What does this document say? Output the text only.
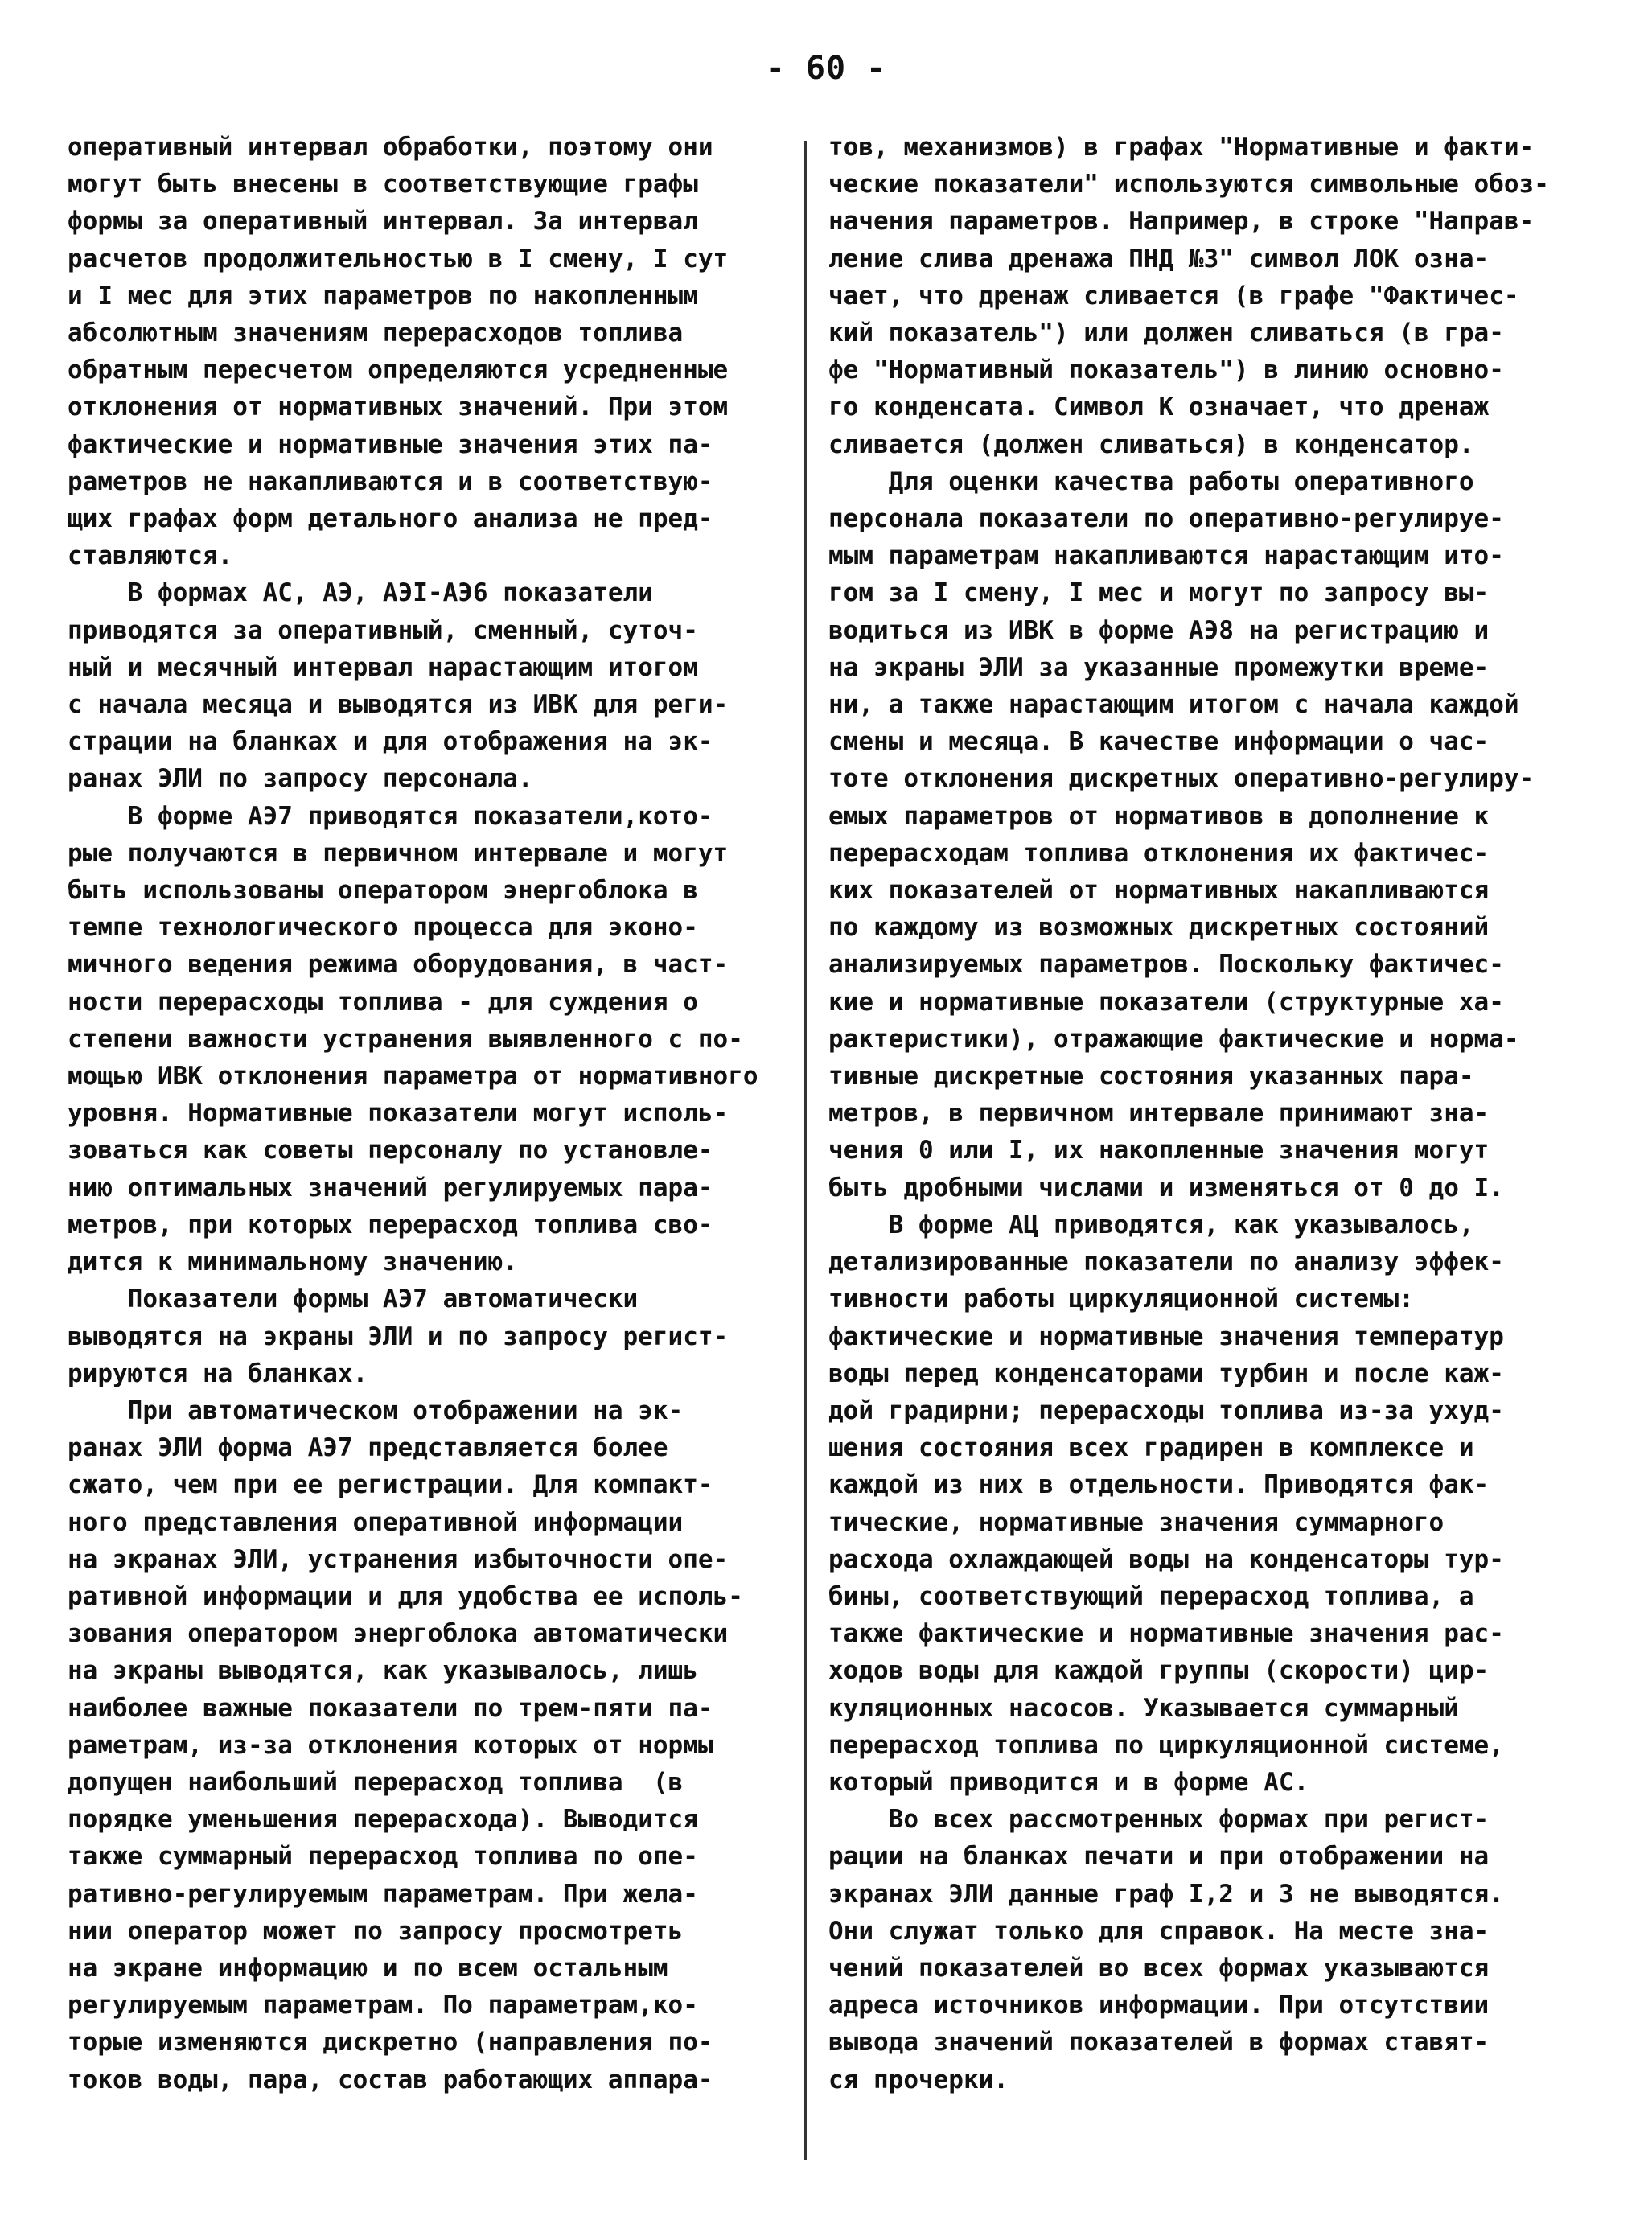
- 60 -

оперативный интервал обработки, поэтому они
могут быть внесены в соответствующие графы
формы за оперативный интервал. За интервал
расчетов продолжительностью в I смену, I сут
и I мес для этих параметров по накопленным
абсолютным значениям перерасходов топлива
обратным пересчетом определяются усредненные
отклонения от нормативных значений. При этом
фактические и нормативные значения этих па-
раметров не накапливаются и в соответствую-
щих графах форм детального анализа не пред-
ставляются.

В формах АС, АЭ, АЭI-АЭ6 показатели
приводятся за оперативный, сменный, суточ-
ный и месячный интервал нарастающим итогом
с начала месяца и выводятся из ИВК для реги-
страции на бланках и для отображения на эк-
ранах ЭЛИ по запросу персонала.

В форме АЭ7 приводятся показатели,кото-
рые получаются в первичном интервале и могут
быть использованы оператором энергоблока в
темпе технологического процесса для эконо-
мичного ведения режима оборудования, в част-
ности перерасходы топлива - для суждения о
степени важности устранения выявленного с по-
мощью ИВК отклонения параметра от нормативного
уровня. Нормативные показатели могут исполь-
зоваться как советы персоналу по установле-
нию оптимальных значений регулируемых пара-
метров, при которых перерасход топлива сво-
дится к минимальному значению.

Показатели формы АЭ7 автоматически
выводятся на экраны ЭЛИ и по запросу регист-
рируются на бланках.

При автоматическом отображении на эк-
ранах ЭЛИ форма АЭ7 представляется более
сжато, чем при ее регистрации. Для компакт-
ного представления оперативной информации
на экранах ЭЛИ, устранения избыточности опе-
ративной информации и для удобства ее исполь-
зования оператором энергоблока автоматически
на экраны выводятся, как указывалось, лишь
наиболее важные показатели по трем-пяти па-
раметрам, из-за отклонения которых от нормы
допущен наибольший перерасход топлива  (в
порядке уменьшения перерасхода). Выводится
также суммарный перерасход топлива по опе-
ративно-регулируемым параметрам. При жела-
нии оператор может по запросу просмотреть
на экране информацию и по всем остальным
регулируемым параметрам. По параметрам,ко-
торые изменяются дискретно (направления по-
токов воды, пара, состав работающих аппара-

тов, механизмов) в графах "Нормативные и факти-
ческие показатели" используются символьные обоз-
начения параметров. Например, в строке "Направ-
ление слива дренажа ПНД №3" символ ЛОК озна-
чает, что дренаж сливается (в графе "Фактичес-
кий показатель") или должен сливаться (в гра-
фе "Нормативный показатель") в линию основно-
го конденсата. Символ К означает, что дренаж
сливается (должен сливаться) в конденсатор.

Для оценки качества работы оперативного
персонала показатели по оперативно-регулируе-
мым параметрам накапливаются нарастающим ито-
гом за I смену, I мес и могут по запросу вы-
водиться из ИВК в форме АЭ8 на регистрацию и
на экраны ЭЛИ за указанные промежутки време-
ни, а также нарастающим итогом с начала каждой
смены и месяца. В качестве информации о час-
тоте отклонения дискретных оперативно-регулиру-
емых параметров от нормативов в дополнение к
перерасходам топлива отклонения их фактичес-
ких показателей от нормативных накапливаются
по каждому из возможных дискретных состояний
анализируемых параметров. Поскольку фактичес-
кие и нормативные показатели (структурные ха-
рактеристики), отражающие фактические и норма-
тивные дискретные состояния указанных пара-
метров, в первичном интервале принимают зна-
чения 0 или I, их накопленные значения могут
быть дробными числами и изменяться от 0 до I.

В форме АЦ приводятся, как указывалось,
детализированные показатели по анализу эффек-
тивности работы циркуляционной системы:
фактические и нормативные значения температур
воды перед конденсаторами турбин и после каж-
дой градирни; перерасходы топлива из-за ухуд-
шения состояния всех градирен в комплексе и
каждой из них в отдельности. Приводятся фак-
тические, нормативные значения суммарного
расхода охлаждающей воды на конденсаторы тур-
бины, соответствующий перерасход топлива, а
также фактические и нормативные значения рас-
ходов воды для каждой группы (скорости) цир-
куляционных насосов. Указывается суммарный
перерасход топлива по циркуляционной системе,
который приводится и в форме АС.

Во всех рассмотренных формах при регист-
рации на бланках печати и при отображении на
экранах ЭЛИ данные граф I,2 и 3 не выводятся.
Они служат только для справок. На месте зна-
чений показателей во всех формах указываются
адреса источников информации. При отсутствии
вывода значений показателей в формах ставят-
ся прочерки.
